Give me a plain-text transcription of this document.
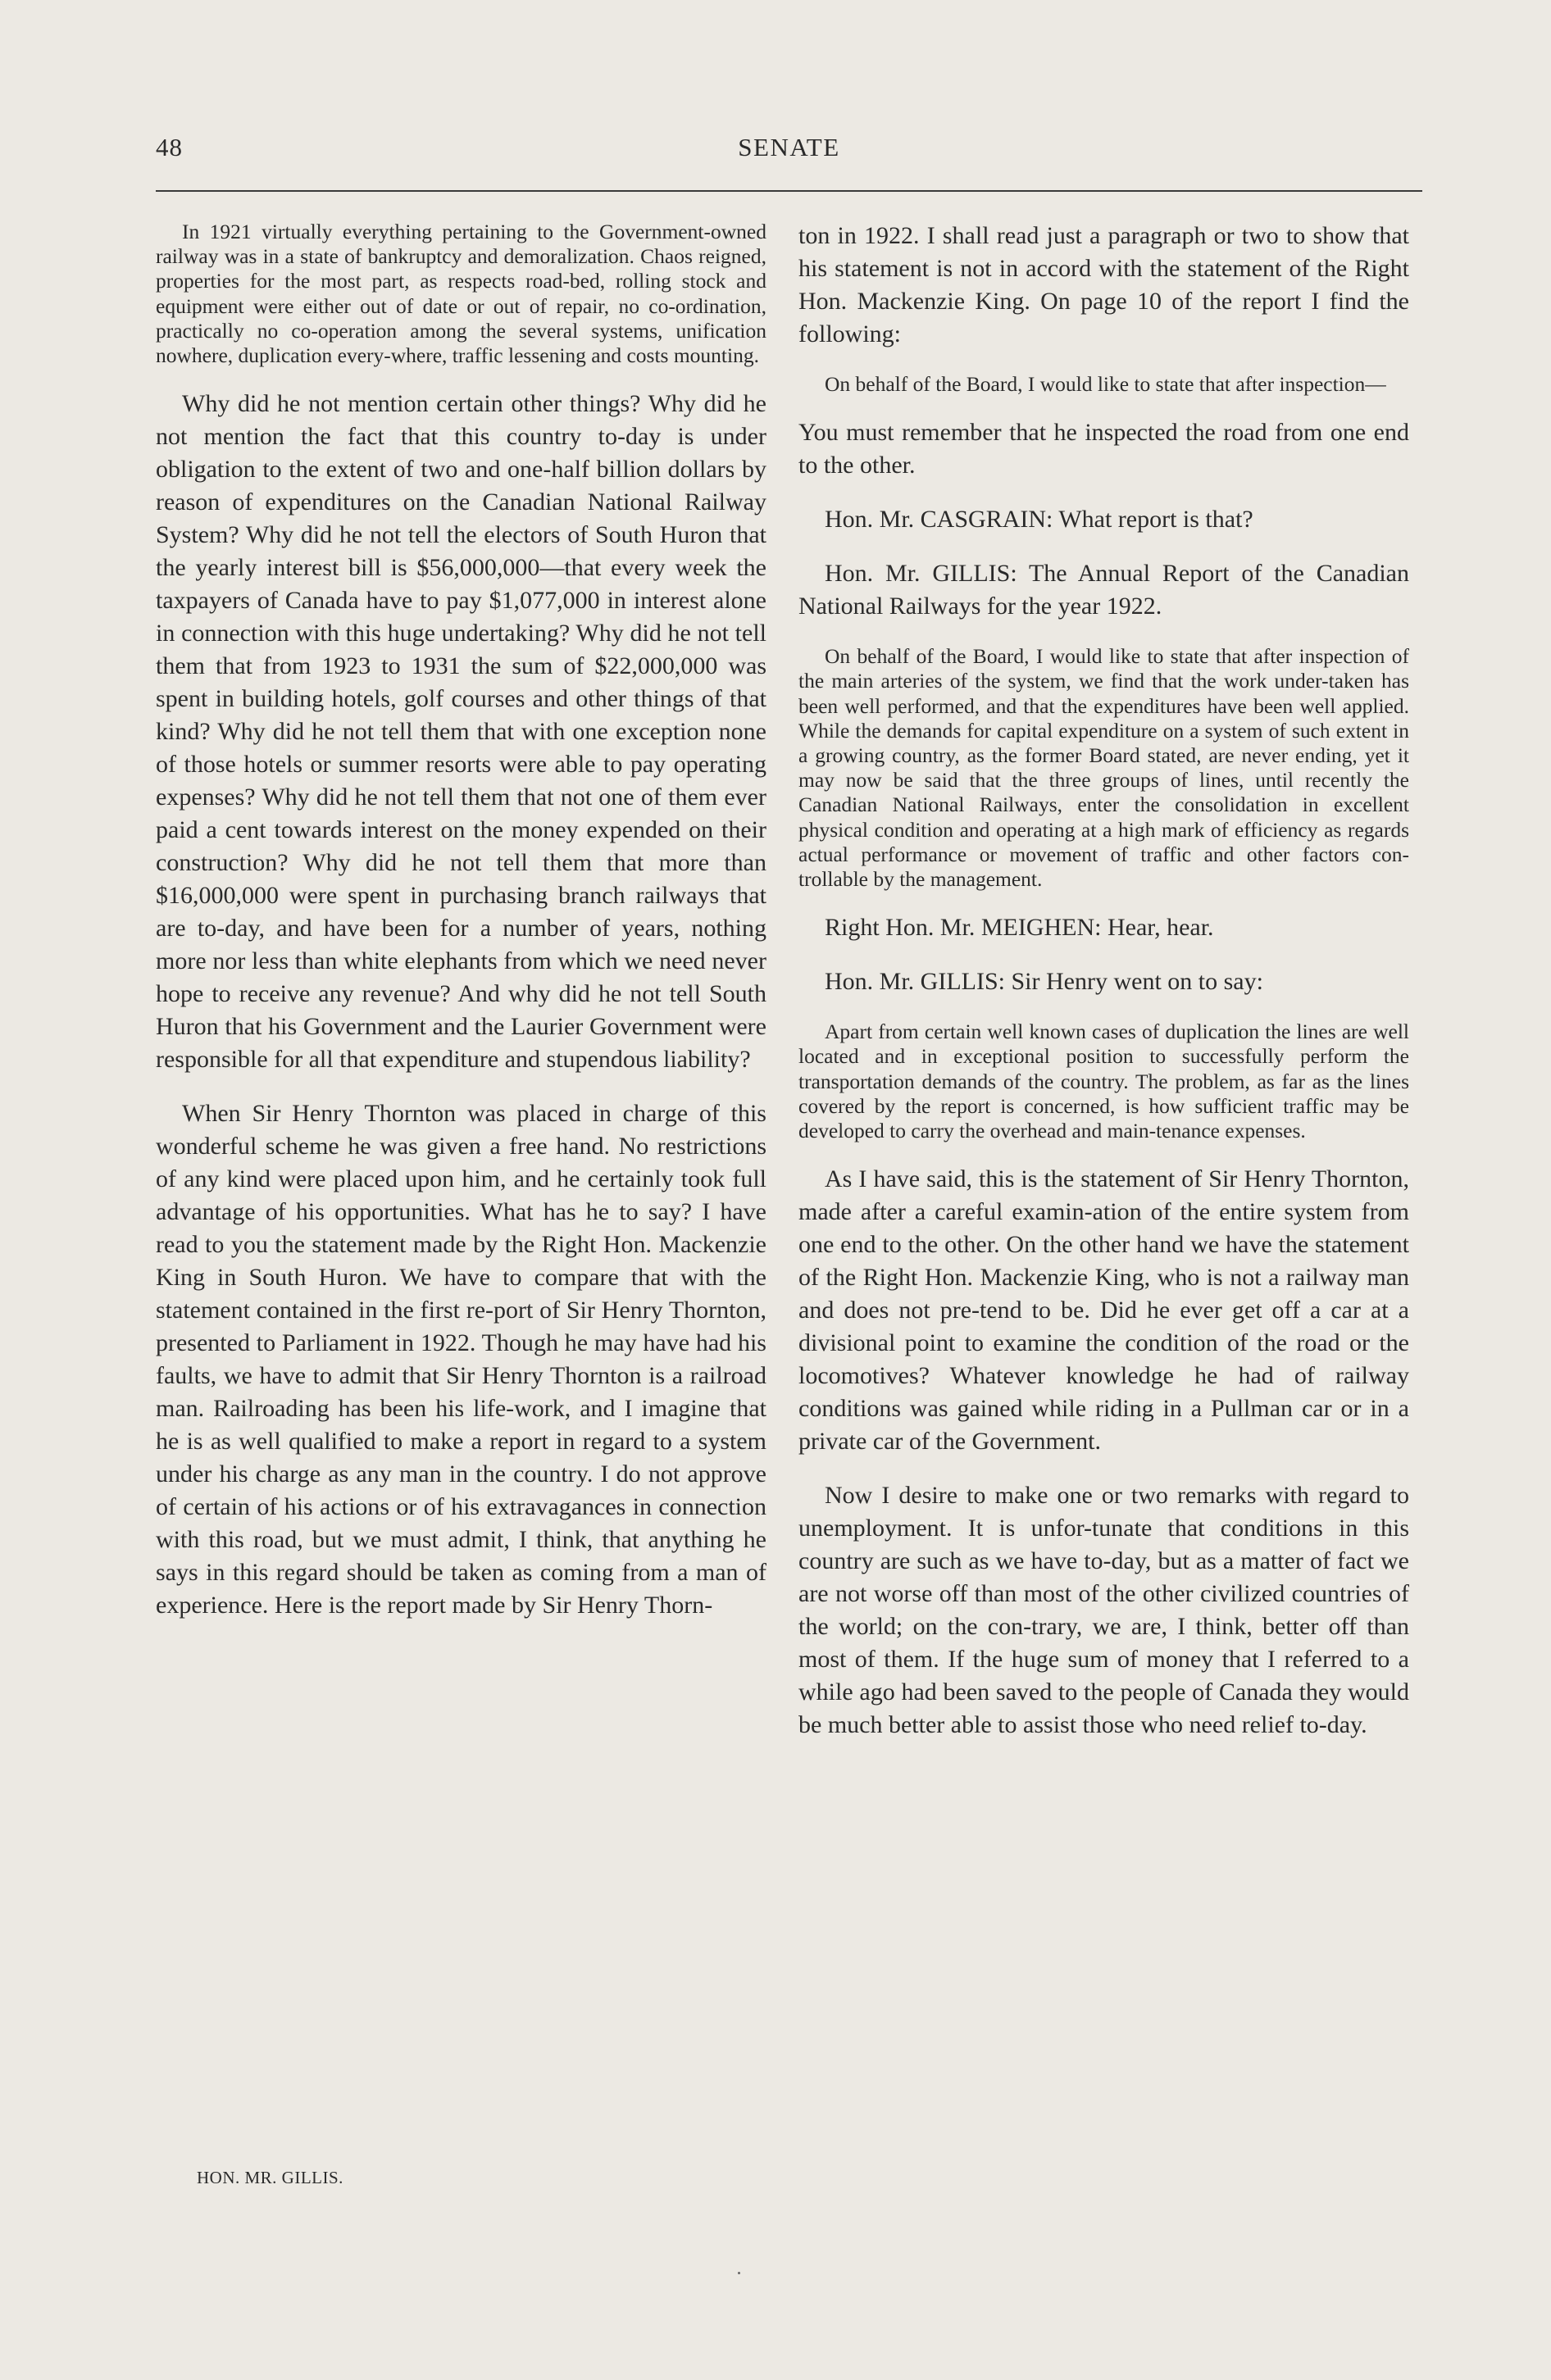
48	SENATE

In 1921 virtually everything pertaining to the Government-owned railway was in a state of bankruptcy and demoralization. Chaos reigned, properties for the most part, as respects road-bed, rolling stock and equipment were either out of date or out of repair, no co-ordination, practically no co-operation among the several systems, unification nowhere, duplication every-where, traffic lessening and costs mounting.

Why did he not mention certain other things? Why did he not mention the fact that this country to-day is under obligation to the extent of two and one-half billion dollars by reason of expenditures on the Canadian National Railway System? Why did he not tell the electors of South Huron that the yearly interest bill is $56,000,000—that every week the taxpayers of Canada have to pay $1,077,000 in interest alone in connection with this huge undertaking? Why did he not tell them that from 1923 to 1931 the sum of $22,000,000 was spent in building hotels, golf courses and other things of that kind? Why did he not tell them that with one exception none of those hotels or summer resorts were able to pay operating expenses? Why did he not tell them that not one of them ever paid a cent towards interest on the money expended on their construction? Why did he not tell them that more than $16,000,000 were spent in purchasing branch railways that are to-day, and have been for a number of years, nothing more nor less than white elephants from which we need never hope to receive any revenue? And why did he not tell South Huron that his Government and the Laurier Government were responsible for all that expenditure and stupendous liability?

When Sir Henry Thornton was placed in charge of this wonderful scheme he was given a free hand. No restrictions of any kind were placed upon him, and he certainly took full advantage of his opportunities. What has he to say? I have read to you the statement made by the Right Hon. Mackenzie King in South Huron. We have to compare that with the statement contained in the first re-port of Sir Henry Thornton, presented to Parliament in 1922. Though he may have had his faults, we have to admit that Sir Henry Thornton is a railroad man. Railroading has been his life-work, and I imagine that he is as well qualified to make a report in regard to a system under his charge as any man in the country. I do not approve of certain of his actions or of his extravagances in connection with this road, but we must admit, I think, that anything he says in this regard should be taken as coming from a man of experience. Here is the report made by Sir Henry Thorn-

ton in 1922. I shall read just a paragraph or two to show that his statement is not in accord with the statement of the Right Hon. Mackenzie King. On page 10 of the report I find the following:

On behalf of the Board, I would like to state that after inspection—

You must remember that he inspected the road from one end to the other.

Hon. Mr. CASGRAIN: What report is that?

Hon. Mr. GILLIS: The Annual Report of the Canadian National Railways for the year 1922.

On behalf of the Board, I would like to state that after inspection of the main arteries of the system, we find that the work under-taken has been well performed, and that the expenditures have been well applied. While the demands for capital expenditure on a system of such extent in a growing country, as the former Board stated, are never ending, yet it may now be said that the three groups of lines, until recently the Canadian National Railways, enter the consolidation in excellent physical condition and operating at a high mark of efficiency as regards actual performance or movement of traffic and other factors con-trollable by the management.

Right Hon. Mr. MEIGHEN: Hear, hear.

Hon. Mr. GILLIS: Sir Henry went on to say:

Apart from certain well known cases of duplication the lines are well located and in exceptional position to successfully perform the transportation demands of the country. The problem, as far as the lines covered by the report is concerned, is how sufficient traffic may be developed to carry the overhead and main-tenance expenses.

As I have said, this is the statement of Sir Henry Thornton, made after a careful examin-ation of the entire system from one end to the other. On the other hand we have the statement of the Right Hon. Mackenzie King, who is not a railway man and does not pre-tend to be. Did he ever get off a car at a divisional point to examine the condition of the road or the locomotives? Whatever knowledge he had of railway conditions was gained while riding in a Pullman car or in a private car of the Government.

Now I desire to make one or two remarks with regard to unemployment. It is unfor-tunate that conditions in this country are such as we have to-day, but as a matter of fact we are not worse off than most of the other civilized countries of the world; on the con-trary, we are, I think, better off than most of them. If the huge sum of money that I referred to a while ago had been saved to the people of Canada they would be much better able to assist those who need relief to-day.

HON. MR. GILLIS.
